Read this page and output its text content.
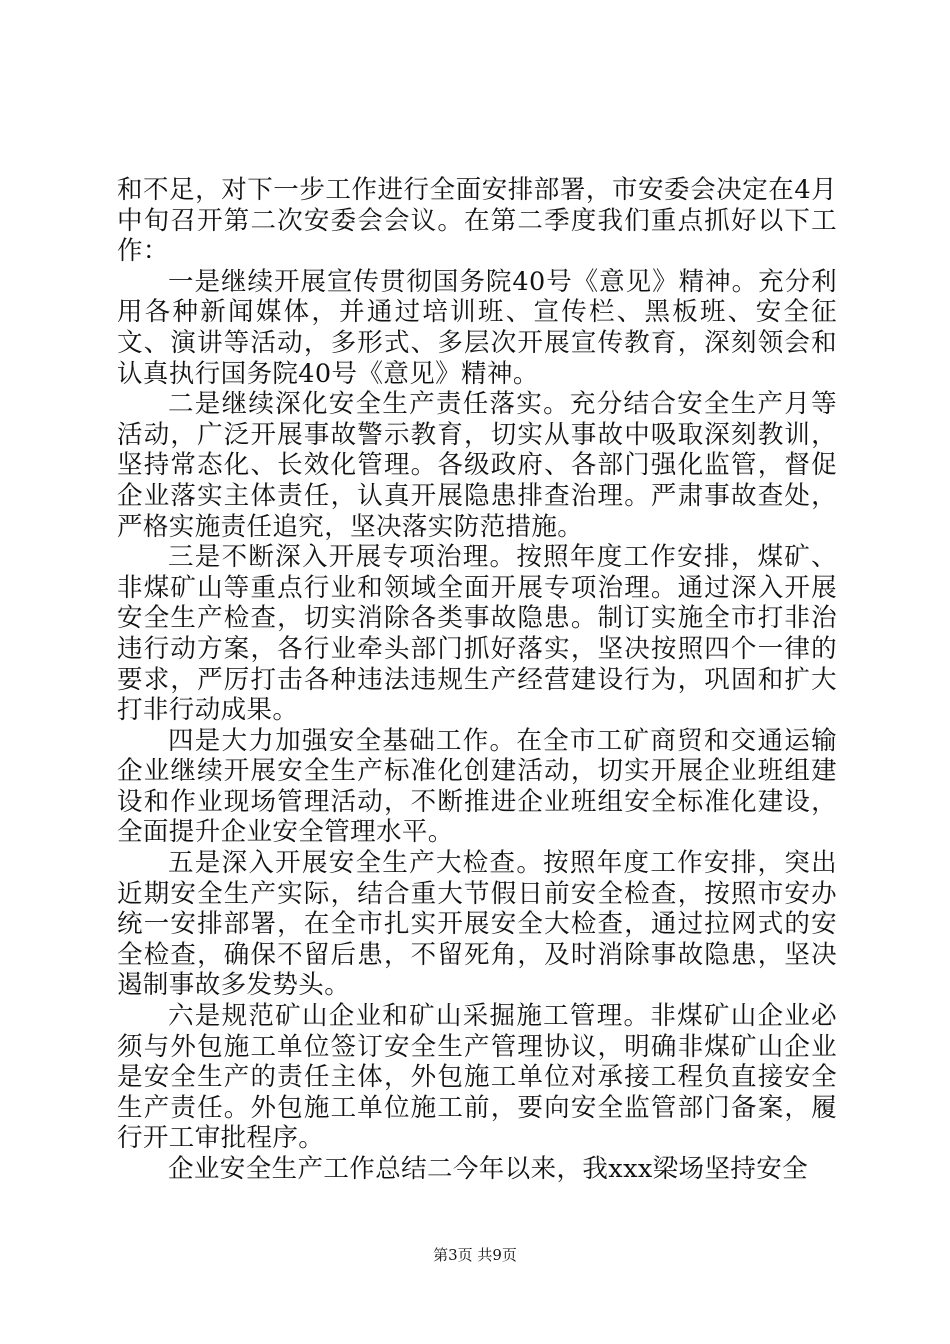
和不足，对下一步工作进行全面安排部署，市安委会决定在4月中旬召开第二次安委会会议。在第二季度我们重点抓好以下工作：

一是继续开展宣传贯彻国务院40号《意见》精神。充分利用各种新闻媒体，并通过培训班、宣传栏、黑板班、安全征文、演讲等活动，多形式、多层次开展宣传教育，深刻领会和认真执行国务院40号《意见》精神。

二是继续深化安全生产责任落实。充分结合安全生产月等活动，广泛开展事故警示教育，切实从事故中吸取深刻教训，坚持常态化、长效化管理。各级政府、各部门强化监管，督促企业落实主体责任，认真开展隐患排查治理。严肃事故查处，严格实施责任追究，坚决落实防范措施。

三是不断深入开展专项治理。按照年度工作安排，煤矿、非煤矿山等重点行业和领域全面开展专项治理。通过深入开展安全生产检查，切实消除各类事故隐患。制订实施全市打非治违行动方案，各行业牵头部门抓好落实，坚决按照四个一律的要求，严厉打击各种违法违规生产经营建设行为，巩固和扩大打非行动成果。

四是大力加强安全基础工作。在全市工矿商贸和交通运输企业继续开展安全生产标准化创建活动，切实开展企业班组建设和作业现场管理活动，不断推进企业班组安全标准化建设，全面提升企业安全管理水平。

五是深入开展安全生产大检查。按照年度工作安排，突出近期安全生产实际，结合重大节假日前安全检查，按照市安办统一安排部署，在全市扎实开展安全大检查，通过拉网式的安全检查，确保不留后患，不留死角，及时消除事故隐患，坚决遏制事故多发势头。

六是规范矿山企业和矿山采掘施工管理。非煤矿山企业必须与外包施工单位签订安全生产管理协议，明确非煤矿山企业是安全生产的责任主体，外包施工单位对承接工程负直接安全生产责任。外包施工单位施工前，要向安全监管部门备案，履行开工审批程序。

企业安全生产工作总结二今年以来，我xxx梁场坚持安全

第3页 共9页
